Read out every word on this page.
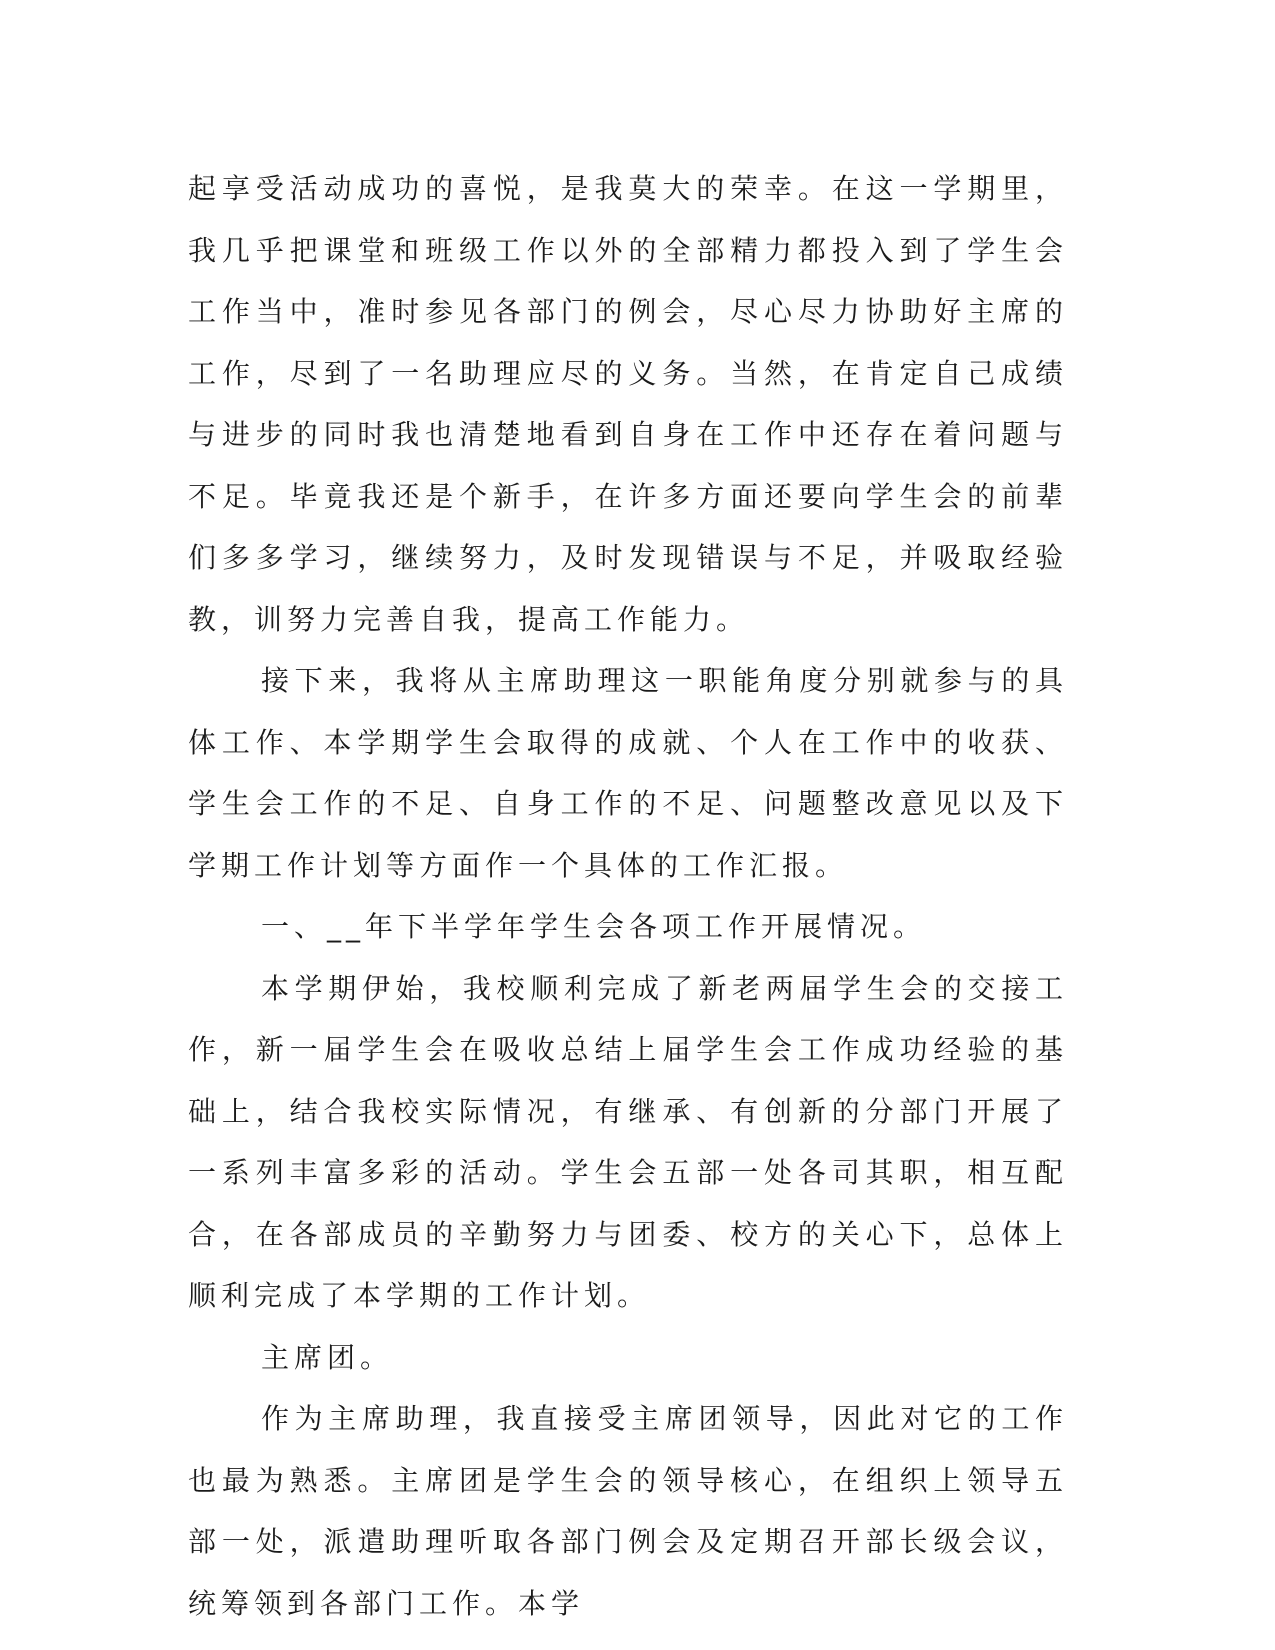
起享受活动成功的喜悦，是我莫大的荣幸。在这一学期里，我几乎把课堂和班级工作以外的全部精力都投入到了学生会工作当中，准时参见各部门的例会，尽心尽力协助好主席的工作，尽到了一名助理应尽的义务。当然，在肯定自己成绩与进步的同时我也清楚地看到自身在工作中还存在着问题与不足。毕竟我还是个新手，在许多方面还要向学生会的前辈们多多学习，继续努力，及时发现错误与不足，并吸取经验教，训努力完善自我，提高工作能力。

接下来，我将从主席助理这一职能角度分别就参与的具体工作、本学期学生会取得的成就、个人在工作中的收获、学生会工作的不足、自身工作的不足、问题整改意见以及下学期工作计划等方面作一个具体的工作汇报。

一、__年下半学年学生会各项工作开展情况。

本学期伊始，我校顺利完成了新老两届学生会的交接工作，新一届学生会在吸收总结上届学生会工作成功经验的基础上，结合我校实际情况，有继承、有创新的分部门开展了一系列丰富多彩的活动。学生会五部一处各司其职，相互配合，在各部成员的辛勤努力与团委、校方的关心下，总体上顺利完成了本学期的工作计划。

主席团。

作为主席助理，我直接受主席团领导，因此对它的工作也最为熟悉。主席团是学生会的领导核心，在组织上领导五部一处，派遣助理听取各部门例会及定期召开部长级会议，统筹领到各部门工作。本学
